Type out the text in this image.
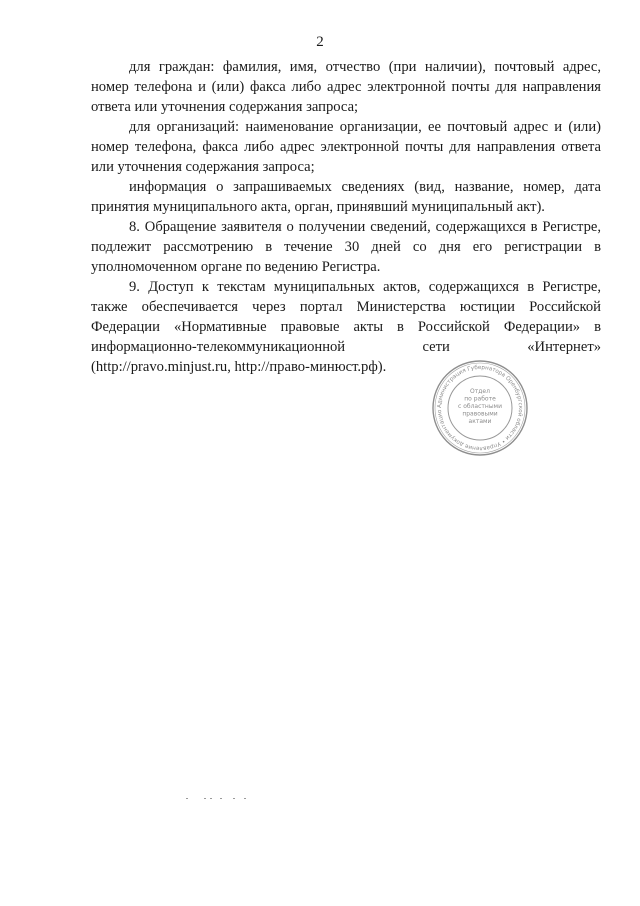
2

для граждан: фамилия, имя, отчество (при наличии), почтовый адрес, номер телефона и (или) факса либо адрес электронной почты для направления ответа или уточнения содержания запроса;

для организаций: наименование организации, ее почтовый адрес и (или) номер телефона, факса либо адрес электронной почты для направления ответа или уточнения содержания запроса;

информация о запрашиваемых сведениях (вид, название, номер, дата принятия муниципального акта, орган, принявший муниципальный акт).

8. Обращение заявителя о получении сведений, содержащихся в Регистре, подлежит рассмотрению в течение 30 дней со дня его регистрации в уполномоченном органе по ведению Регистра.

9. Доступ к текстам муниципальных актов, содержащихся в Регистре, также обеспечивается через портал Министерства юстиции Российской Федерации «Нормативные правовые акты в Российской Федерации» в информационно-телекоммуникационной сети «Интернет»

(http://pravo.minjust.ru, http://право-минюст.рф).

Администрация Губернатора Оренбургской области • Управление документацио
Отдел по работе с областными правовыми актами
